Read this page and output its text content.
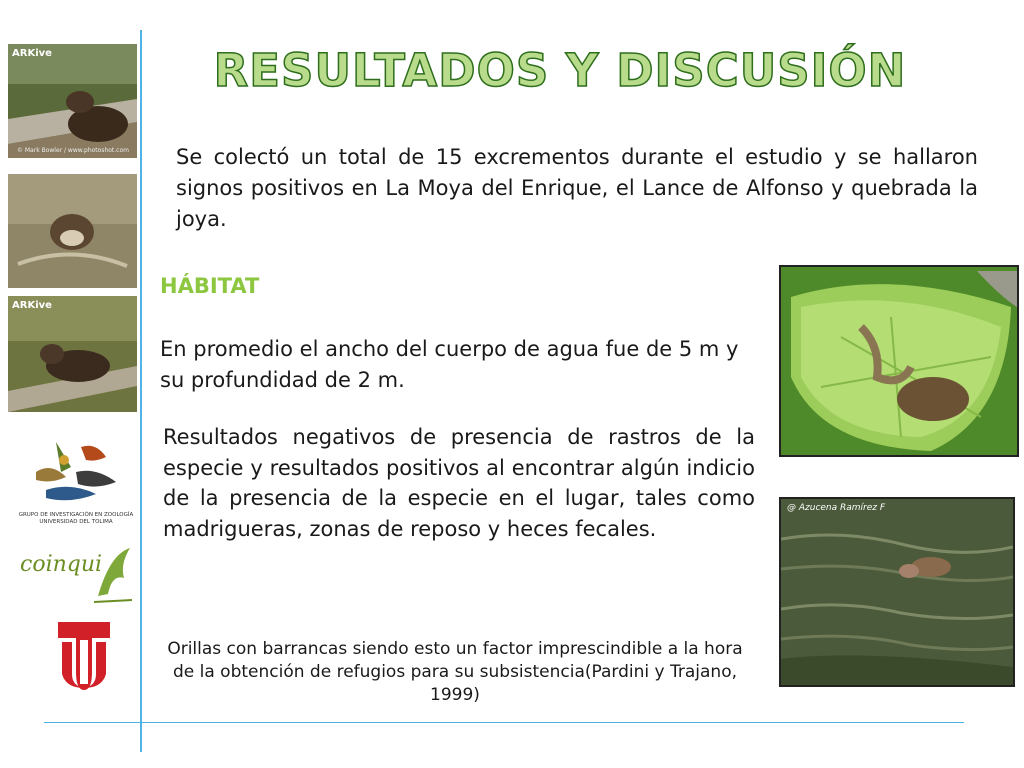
ARKive
© Mark Bowler / www.photoshot.com
ARKive
GRUPO DE INVESTIGACIÓN EN ZOOLOGÍA
UNIVERSIDAD DEL TOLIMA
coinqui
RESULTADOS Y DISCUSIÓN
Se colectó un total de 15 excrementos durante el estudio y se hallaron signos positivos en La Moya del Enrique, el Lance de Alfonso y quebrada la joya.
HÁBITAT
En promedio el ancho del cuerpo de agua fue de 5 m y su profundidad de 2 m.
Resultados negativos de presencia de rastros de la especie y resultados positivos al encontrar algún indicio de la presencia de la especie en el lugar, tales como madrigueras, zonas de reposo y heces fecales.
Orillas con barrancas siendo esto un factor imprescindible a la hora de la obtención de refugios para su subsistencia(Pardini y Trajano, 1999)
@ Azucena Ramírez F
